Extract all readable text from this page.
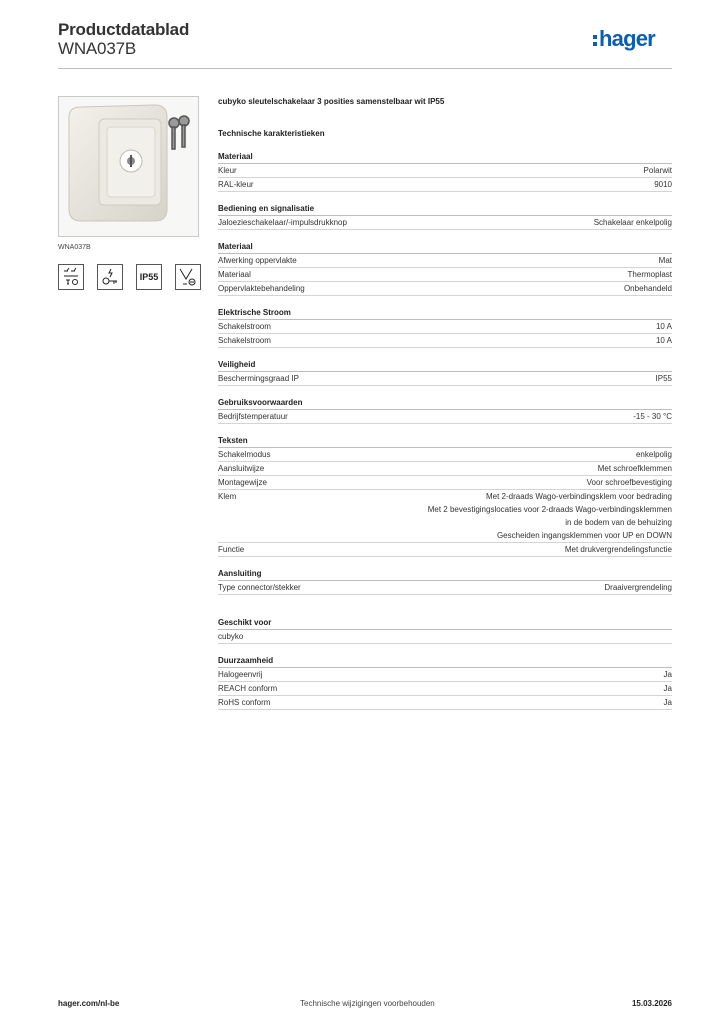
Productdatablad
WNA037B	hager
WNA037B
IP55
cubyko sleutelschakelaar 3 posities samenstelbaar wit IP55
Technische karakteristieken
Materiaal
Kleur	Polarwit
RAL-kleur	9010
Bediening en signalisatie
Jaloezieschakelaar/-impulsdrukknop	Schakelaar enkelpolig
Materiaal
Afwerking oppervlakte	Mat
Materiaal	Thermoplast
Oppervlaktebehandeling	Onbehandeld
Elektrische Stroom
Schakelstroom	10 A
Schakelstroom	10 A
Veiligheid
Beschermingsgraad IP	IP55
Gebruiksvoorwaarden
Bedrijfstemperatuur	-15 - 30 °C
Teksten
Schakelmodus	enkelpolig
Aansluitwijze	Met schroefklemmen
Montagewijze	Voor schroefbevestiging
Klem	Met 2-draads Wago-verbindingsklem voor bedrading
Met 2 bevestigingslocaties voor 2-draads Wago-verbindingsklemmen
in de bodem van de behuizing
Gescheiden ingangsklemmen voor UP en DOWN
Functie	Met drukvergrendelingsfunctie
Aansluiting
Type connector/stekker	Draaivergrendeling
Geschikt voor
cubyko
Duurzaamheid
Halogeenvrij	Ja
REACH conform	Ja
RoHS conform	Ja
hager.com/nl-be	Technische wijzigingen voorbehouden	15.03.2026
